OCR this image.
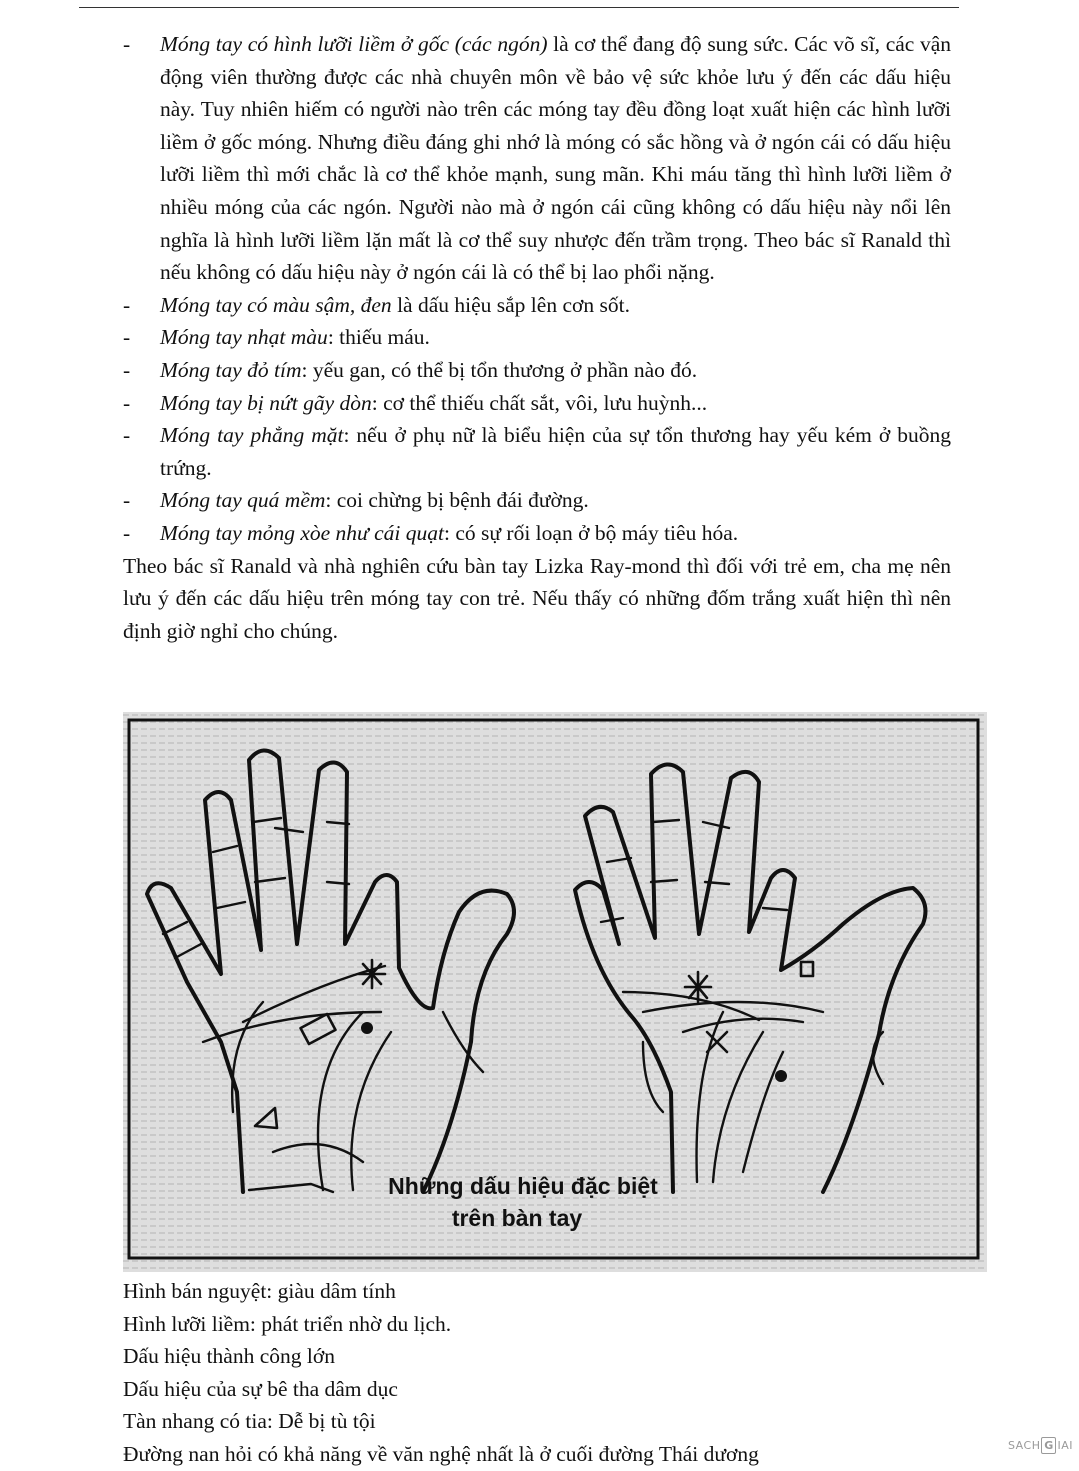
- Móng tay có hình lưỡi liềm ở gốc (các ngón) là cơ thể đang độ sung sức. Các võ sĩ, các vận động viên thường được các nhà chuyên môn về bảo vệ sức khỏe lưu ý đến các dấu hiệu này. Tuy nhiên hiếm có người nào trên các móng tay đều đồng loạt xuất hiện các hình lưỡi liềm ở gốc móng. Nhưng điều đáng ghi nhớ là móng có sắc hồng và ở ngón cái có dấu hiệu lưỡi liềm thì mới chắc là cơ thể khỏe mạnh, sung mãn. Khi máu tăng thì hình lưỡi liềm ở nhiều móng của các ngón. Người nào mà ở ngón cái cũng không có dấu hiệu này nổi lên nghĩa là hình lưỡi liềm lặn mất là cơ thể suy nhược đến trầm trọng. Theo bác sĩ Ranald thì nếu không có dấu hiệu này ở ngón cái là có thể bị lao phổi nặng.
- Móng tay có màu sậm, đen là dấu hiệu sắp lên cơn sốt.
- Móng tay nhạt màu: thiếu máu.
- Móng tay đỏ tím: yếu gan, có thể bị tổn thương ở phần nào đó.
- Móng tay bị nứt gãy dòn: cơ thể thiếu chất sắt, vôi, lưu huỳnh...
- Móng tay phẳng mặt: nếu ở phụ nữ là biểu hiện của sự tổn thương hay yếu kém ở buồng trứng.
- Móng tay quá mềm: coi chừng bị bệnh đái đường.
- Móng tay mỏng xòe như cái quạt: có sự rối loạn ở bộ máy tiêu hóa.
Theo bác sĩ Ranald và nhà nghiên cứu bàn tay Lizka Ray-mond thì đối với trẻ em, cha mẹ nên lưu ý đến các dấu hiệu trên móng tay con trẻ. Nếu thấy có những đốm trắng xuất hiện thì nên định giờ nghỉ cho chúng.
Những dấu hiệu đặc biệt
trên bàn tay
Hình bán nguyệt: giàu dâm tính
Hình lưỡi liềm: phát triển nhờ du lịch.
Dấu hiệu thành công lớn
Dấu hiệu của sự bê tha dâm dục
Tàn nhang có tia: Dễ bị tù tội
Đường nan hỏi có khả năng về văn nghệ nhất là ở cuối đường Thái dương	SACH G IAI
